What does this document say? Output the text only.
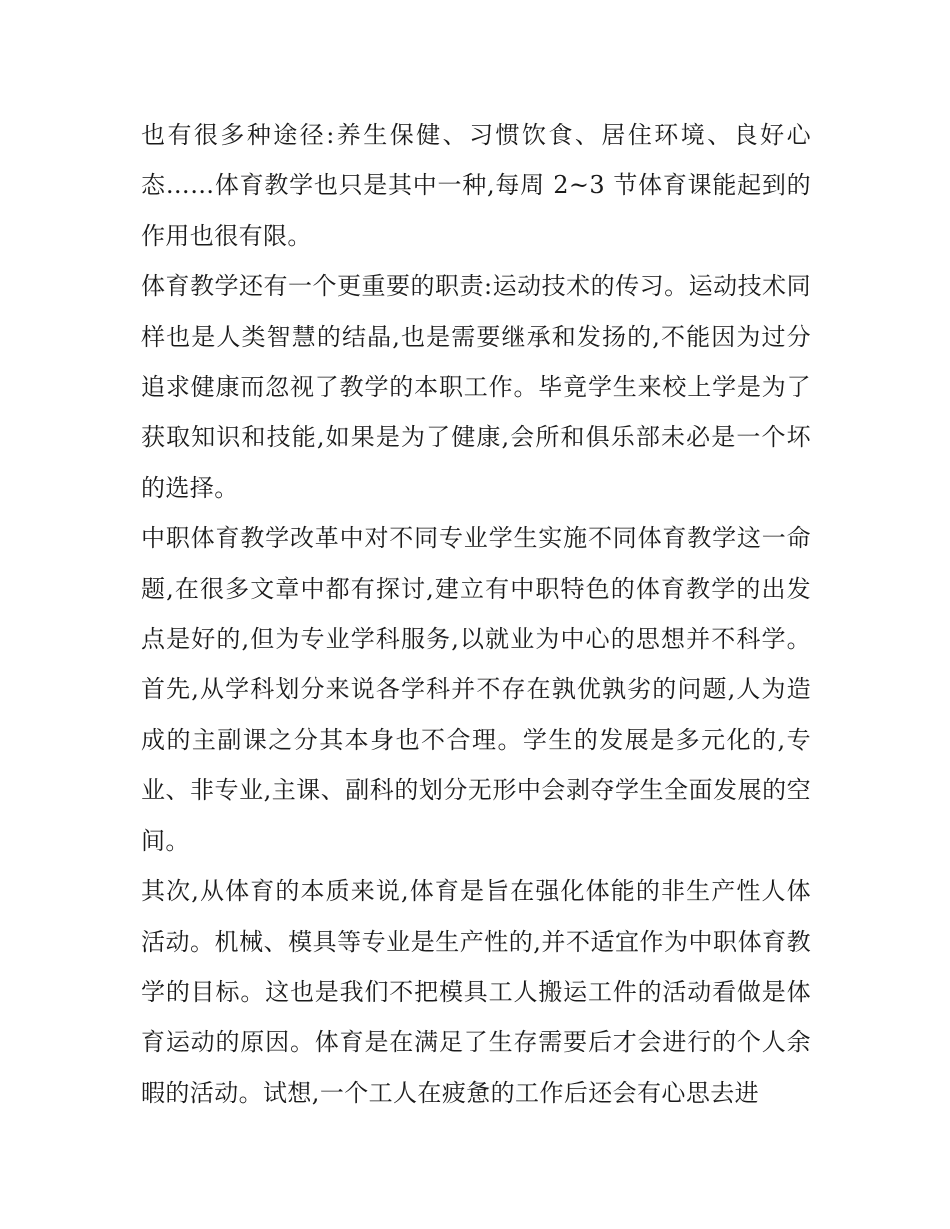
也有很多种途径:养生保健、习惯饮食、居住环境、良好心态……体育教学也只是其中一种,每周 2~3 节体育课能起到的作用也很有限。

体育教学还有一个更重要的职责:运动技术的传习。运动技术同样也是人类智慧的结晶,也是需要继承和发扬的,不能因为过分追求健康而忽视了教学的本职工作。毕竟学生来校上学是为了获取知识和技能,如果是为了健康,会所和俱乐部未必是一个坏的选择。

中职体育教学改革中对不同专业学生实施不同体育教学这一命题,在很多文章中都有探讨,建立有中职特色的体育教学的出发点是好的,但为专业学科服务,以就业为中心的思想并不科学。首先,从学科划分来说各学科并不存在孰优孰劣的问题,人为造成的主副课之分其本身也不合理。学生的发展是多元化的,专业、非专业,主课、副科的划分无形中会剥夺学生全面发展的空间。

其次,从体育的本质来说,体育是旨在强化体能的非生产性人体活动。机械、模具等专业是生产性的,并不适宜作为中职体育教学的目标。这也是我们不把模具工人搬运工件的活动看做是体育运动的原因。体育是在满足了生存需要后才会进行的个人余暇的活动。试想,一个工人在疲惫的工作后还会有心思去进
